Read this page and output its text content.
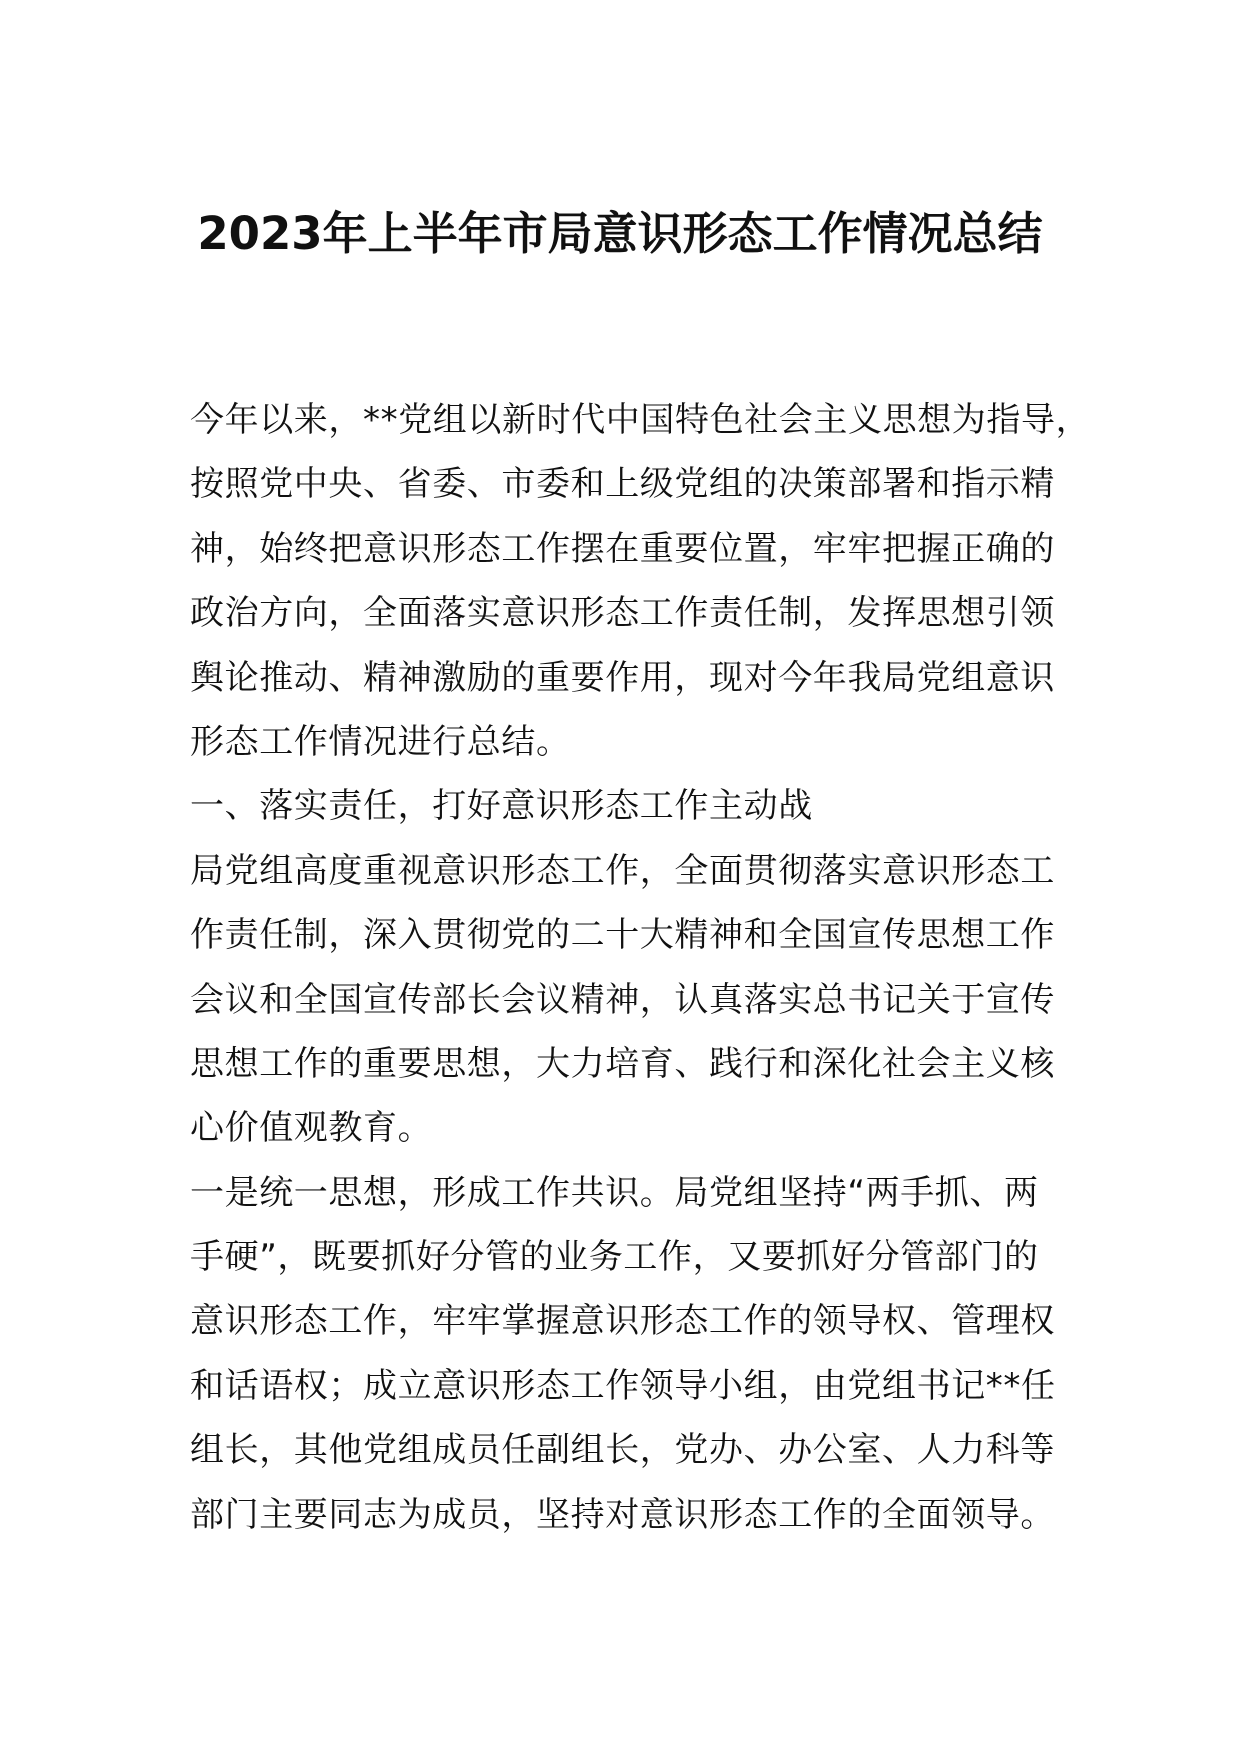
2023年上半年市局意识形态工作情况总结
今年以来，**党组以新时代中国特色社会主义思想为指导，
按照党中央、省委、市委和上级党组的决策部署和指示精
神，始终把意识形态工作摆在重要位置，牢牢把握正确的
政治方向，全面落实意识形态工作责任制，发挥思想引领
舆论推动、精神激励的重要作用，现对今年我局党组意识
形态工作情况进行总结。
一、落实责任，打好意识形态工作主动战
局党组高度重视意识形态工作，全面贯彻落实意识形态工
作责任制，深入贯彻党的二十大精神和全国宣传思想工作
会议和全国宣传部长会议精神，认真落实总书记关于宣传
思想工作的重要思想，大力培育、践行和深化社会主义核
心价值观教育。
一是统一思想，形成工作共识。局党组坚持“两手抓、两
手硬”，既要抓好分管的业务工作，又要抓好分管部门的
意识形态工作，牢牢掌握意识形态工作的领导权、管理权
和话语权；成立意识形态工作领导小组，由党组书记**任
组长，其他党组成员任副组长，党办、办公室、人力科等
部门主要同志为成员，坚持对意识形态工作的全面领导。
